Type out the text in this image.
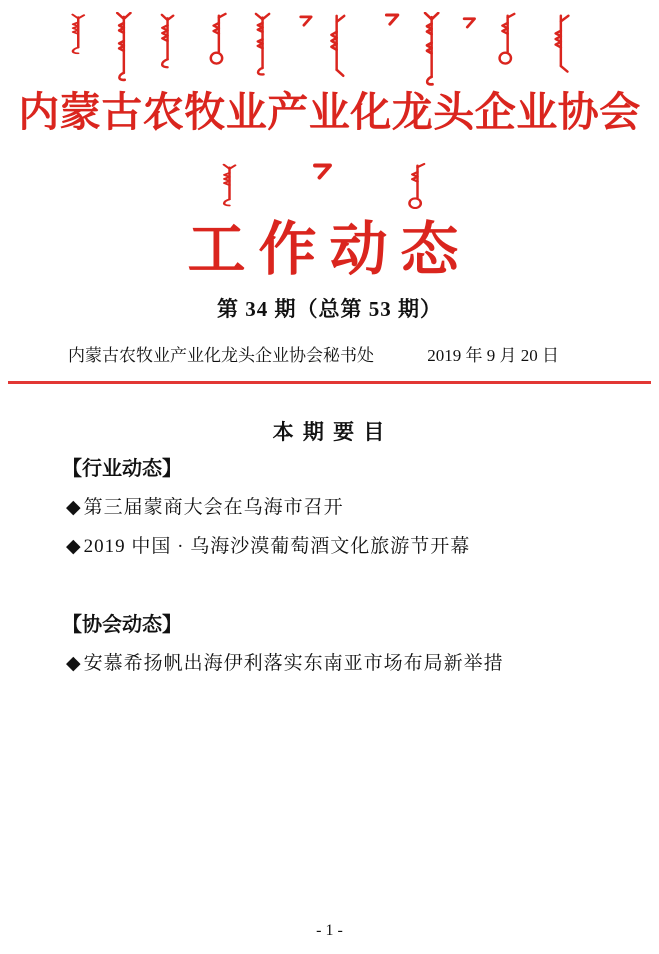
内蒙古农牧业产业化龙头企业协会
工作动态
第 34 期（总第 53 期）
内蒙古农牧业产业化龙头企业协会秘书处	2019 年 9 月 20 日
本 期 要 目
【行业动态】
◆ 第三届蒙商大会在乌海市召开
◆ 2019 中国 · 乌海沙漠葡萄酒文化旅游节开幕
【协会动态】
◆ 安慕希扬帆出海伊利落实东南亚市场布局新举措
- 1 -
